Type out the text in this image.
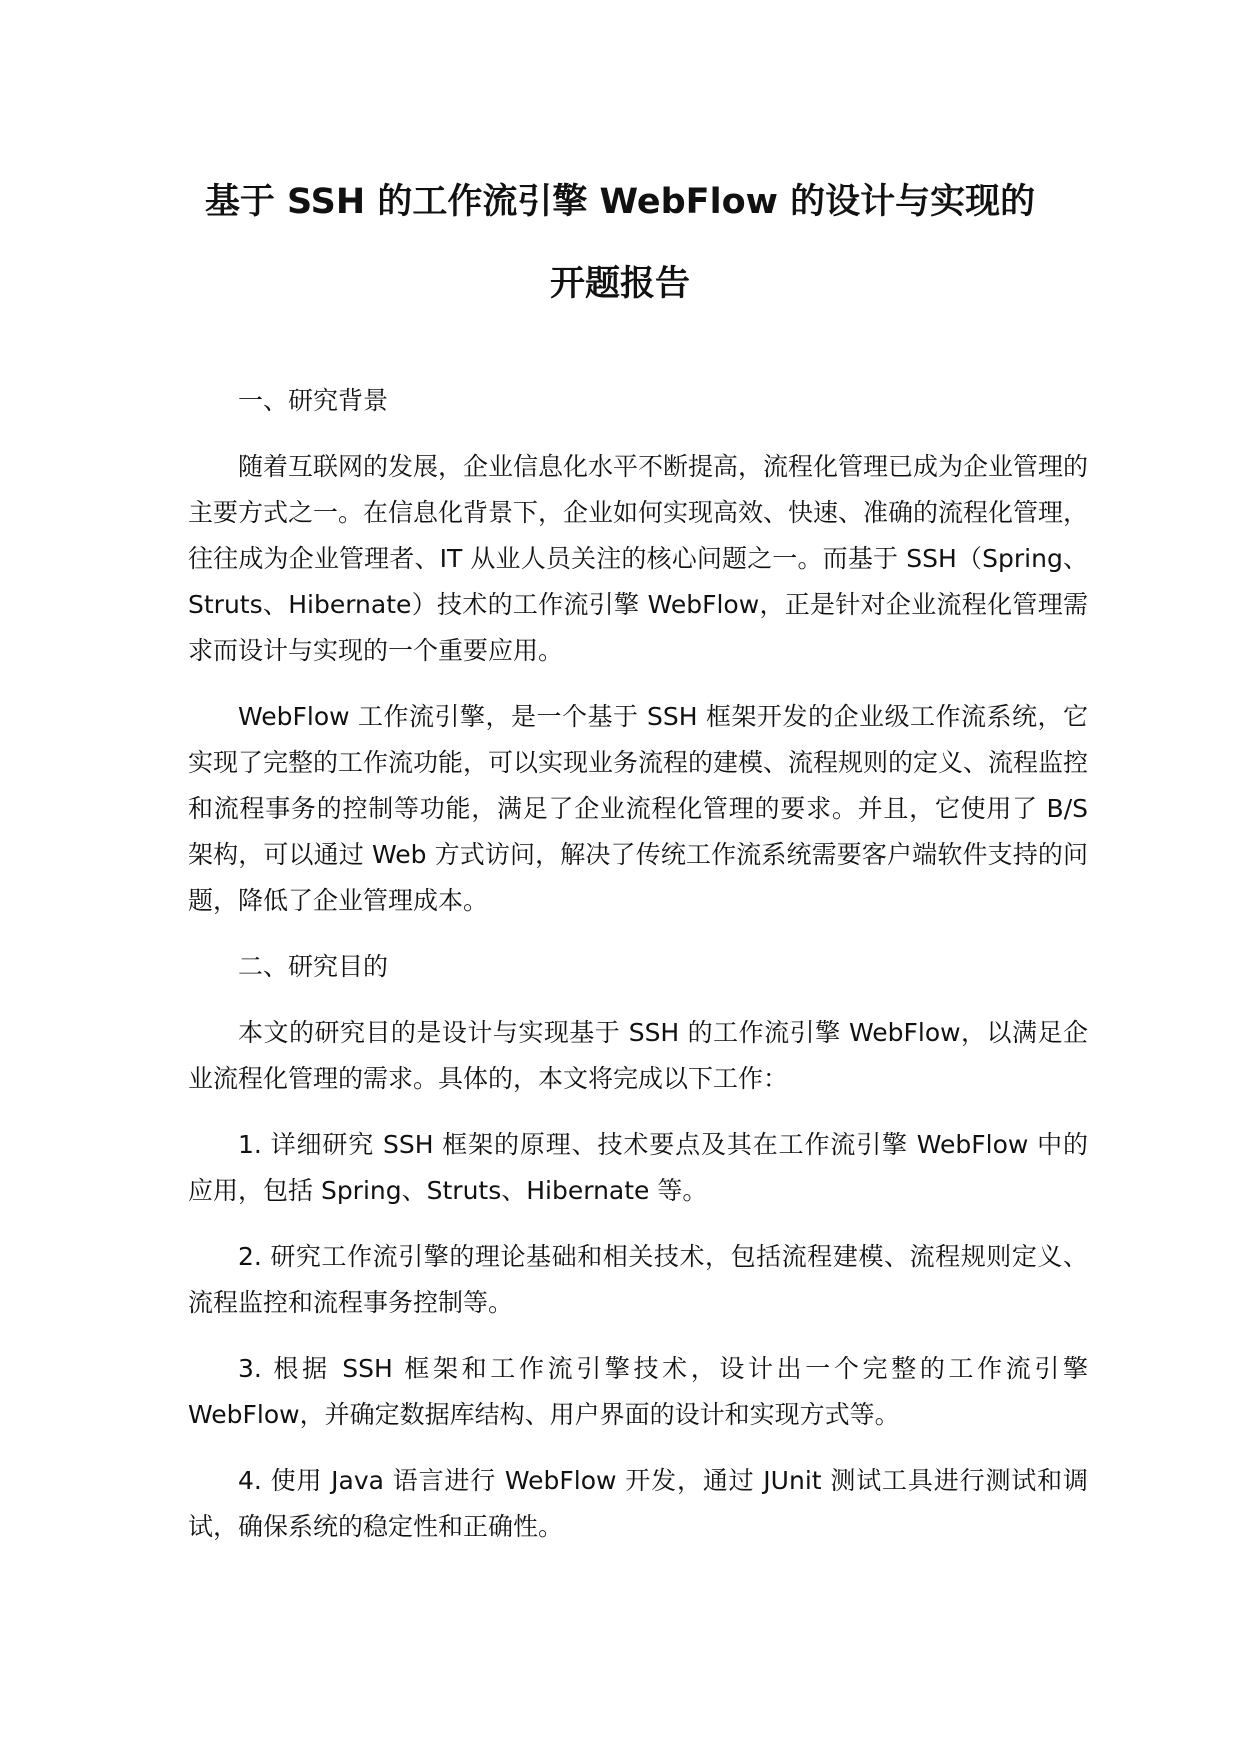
基于 SSH 的工作流引擎 WebFlow 的设计与实现的
开题报告

一、研究背景

随着互联网的发展，企业信息化水平不断提高，流程化管理已成为企业管理的主要方式之一。在信息化背景下，企业如何实现高效、快速、准确的流程化管理，往往成为企业管理者、IT 从业人员关注的核心问题之一。而基于 SSH（Spring、Struts、Hibernate）技术的工作流引擎 WebFlow，正是针对企业流程化管理需求而设计与实现的一个重要应用。

WebFlow 工作流引擎，是一个基于 SSH 框架开发的企业级工作流系统，它实现了完整的工作流功能，可以实现业务流程的建模、流程规则的定义、流程监控和流程事务的控制等功能，满足了企业流程化管理的要求。并且，它使用了 B/S 架构，可以通过 Web 方式访问，解决了传统工作流系统需要客户端软件支持的问题，降低了企业管理成本。

二、研究目的

本文的研究目的是设计与实现基于 SSH 的工作流引擎 WebFlow，以满足企业流程化管理的需求。具体的，本文将完成以下工作：

1. 详细研究 SSH 框架的原理、技术要点及其在工作流引擎 WebFlow 中的应用，包括 Spring、Struts、Hibernate 等。

2. 研究工作流引擎的理论基础和相关技术，包括流程建模、流程规则定义、流程监控和流程事务控制等。

3. 根据 SSH 框架和工作流引擎技术，设计出一个完整的工作流引擎 WebFlow，并确定数据库结构、用户界面的设计和实现方式等。

4. 使用 Java 语言进行 WebFlow 开发，通过 JUnit 测试工具进行测试和调试，确保系统的稳定性和正确性。
